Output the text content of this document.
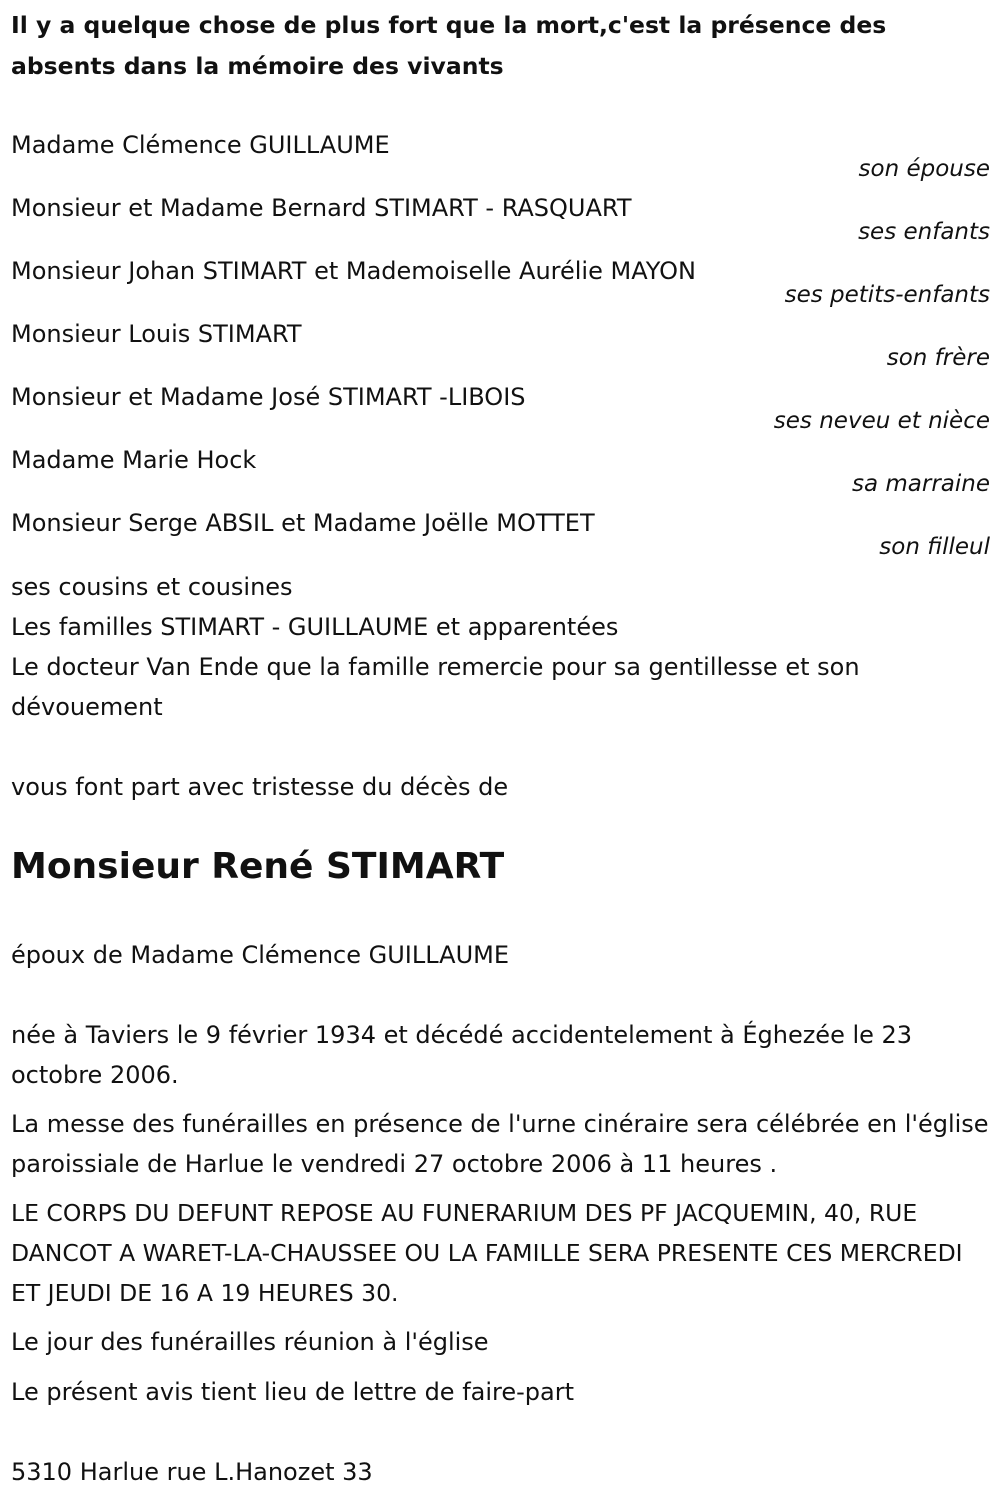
Il y a quelque chose de plus fort que la mort,c'est la présence des absents dans la mémoire des vivants
Madame Clémence GUILLAUME
son épouse
Monsieur et Madame Bernard STIMART - RASQUART
ses enfants
Monsieur Johan STIMART et Mademoiselle Aurélie MAYON
ses petits-enfants
Monsieur Louis STIMART
son frère
Monsieur et Madame José STIMART -LIBOIS
ses neveu et nièce
Madame Marie Hock
sa marraine
Monsieur Serge ABSIL et Madame Joëlle MOTTET
son filleul
ses cousins et cousines
Les familles STIMART - GUILLAUME et apparentées
Le docteur Van Ende que la famille remercie pour sa gentillesse et son dévouement
vous font part avec tristesse du décès de
Monsieur René STIMART
époux de Madame Clémence GUILLAUME
née à Taviers le 9 février 1934 et décédé accidentelement à Éghezée le 23 octobre 2006.
La messe des funérailles en présence de l'urne cinéraire sera célébrée en l'église paroissiale de Harlue le vendredi 27 octobre 2006 à 11 heures .
LE CORPS DU DEFUNT REPOSE AU FUNERARIUM DES PF JACQUEMIN, 40, RUE DANCOT A WARET-LA-CHAUSSEE OU LA FAMILLE SERA PRESENTE CES MERCREDI ET JEUDI DE 16 A 19 HEURES 30.
Le jour des funérailles réunion à l'église
Le présent avis tient lieu de lettre de faire-part
5310 Harlue rue L.Hanozet 33
